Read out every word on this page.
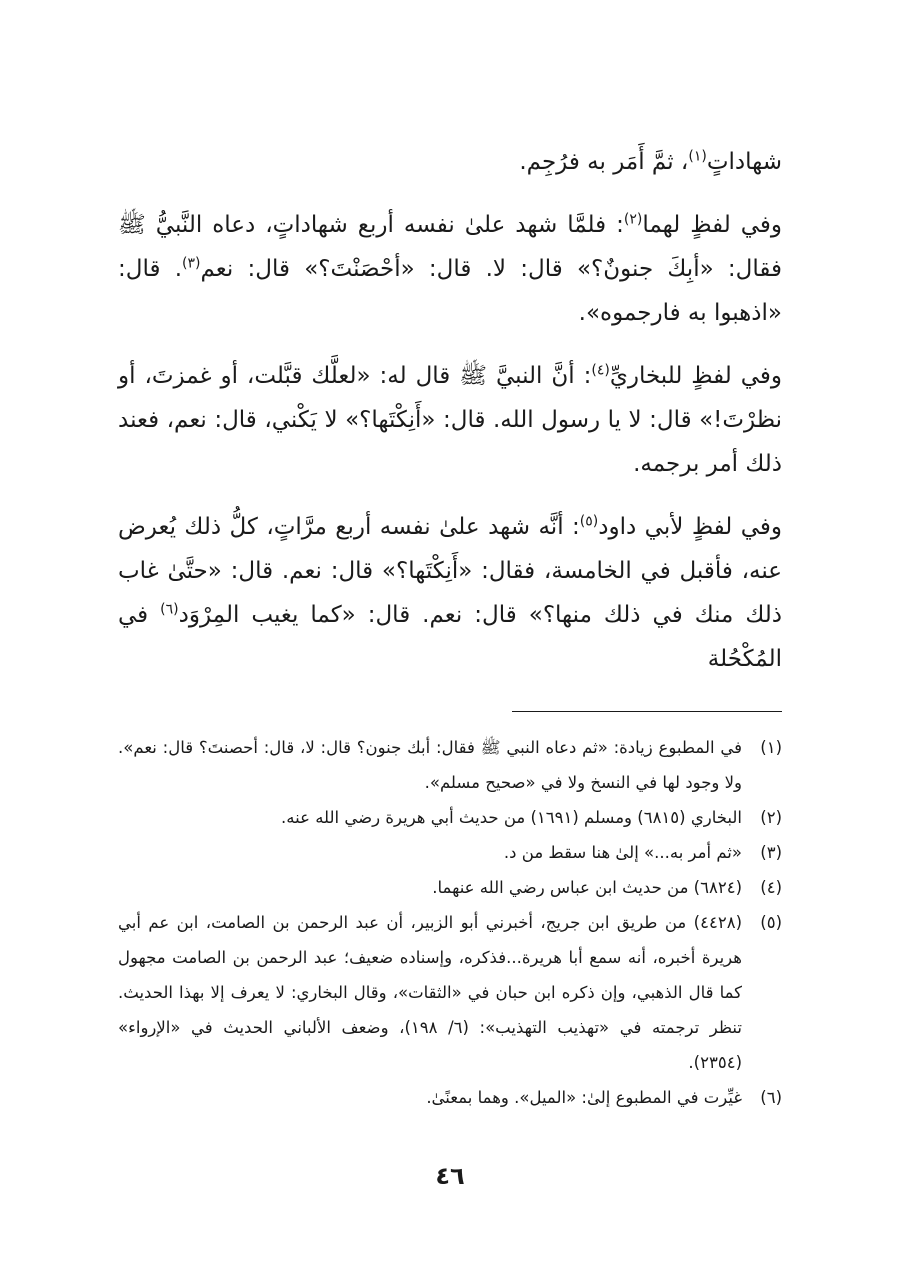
شهاداتٍ$^{(١)}$، ثمَّ أَمَر به فرُجِم.

وفي لفظٍ لهما$^{(٢)}$: فلمَّا شهد علىٰ نفسه أربع شهاداتٍ، دعاه النَّبيُّ ﷺ فقال: «أبِكَ جنونٌ؟» قال: لا. قال: «أحْصَنْتَ؟» قال: نعم$^{(٣)}$. قال: «اذهبوا به فارجموه».

وفي لفظٍ للبخاريِّ$^{(٤)}$: أنَّ النبيَّ ﷺ قال له: «لعلَّك قبَّلت، أو غمزتَ، أو نظرْتَ!» قال: لا يا رسول الله. قال: «أَنِكْتَها؟» لا يَكْني، قال: نعم، فعند ذلك أمر برجمه.

وفي لفظٍ لأبي داود$^{(٥)}$: أنَّه شهد علىٰ نفسه أربع مرَّاتٍ، كلُّ ذلك يُعرض عنه، فأقبل في الخامسة، فقال: «أَنِكْتَها؟» قال: نعم. قال: «حتَّىٰ غاب ذلك منك في ذلك منها؟» قال: نعم. قال: «كما يغيب المِرْوَد$^{(٦)}$ في المُكْحُلة

(١)
في المطبوع زيادة: «ثم دعاه النبي ﷺ فقال: أبك جنون؟ قال: لا، قال: أحصنتَ؟ قال: نعم». ولا وجود لها في النسخ ولا في «صحيح مسلم».
(٢)
البخاري (٦٨١٥) ومسلم (١٦٩١) من حديث أبي هريرة رضي الله عنه.
(٣)
«ثم أمر به...» إلىٰ هنا سقط من د.
(٤)
(٦٨٢٤) من حديث ابن عباس رضي الله عنهما.
(٥)
(٤٤٢٨) من طريق ابن جريج، أخبرني أبو الزبير، أن عبد الرحمن بن الصامت، ابن عم أبي هريرة أخبره، أنه سمع أبا هريرة...فذكره، وإسناده ضعيف؛ عبد الرحمن بن الصامت مجهول كما قال الذهبي، وإن ذكره ابن حبان في «الثقات»، وقال البخاري: لا يعرف إلا بهذا الحديث. تنظر ترجمته في «تهذيب التهذيب»: (٦/ ١٩٨)، وضعف الألباني الحديث في «الإرواء» (٢٣٥٤).
(٦)
غيِّرت في المطبوع إلىٰ: «الميل». وهما بمعنًىٰ.
٤٦
